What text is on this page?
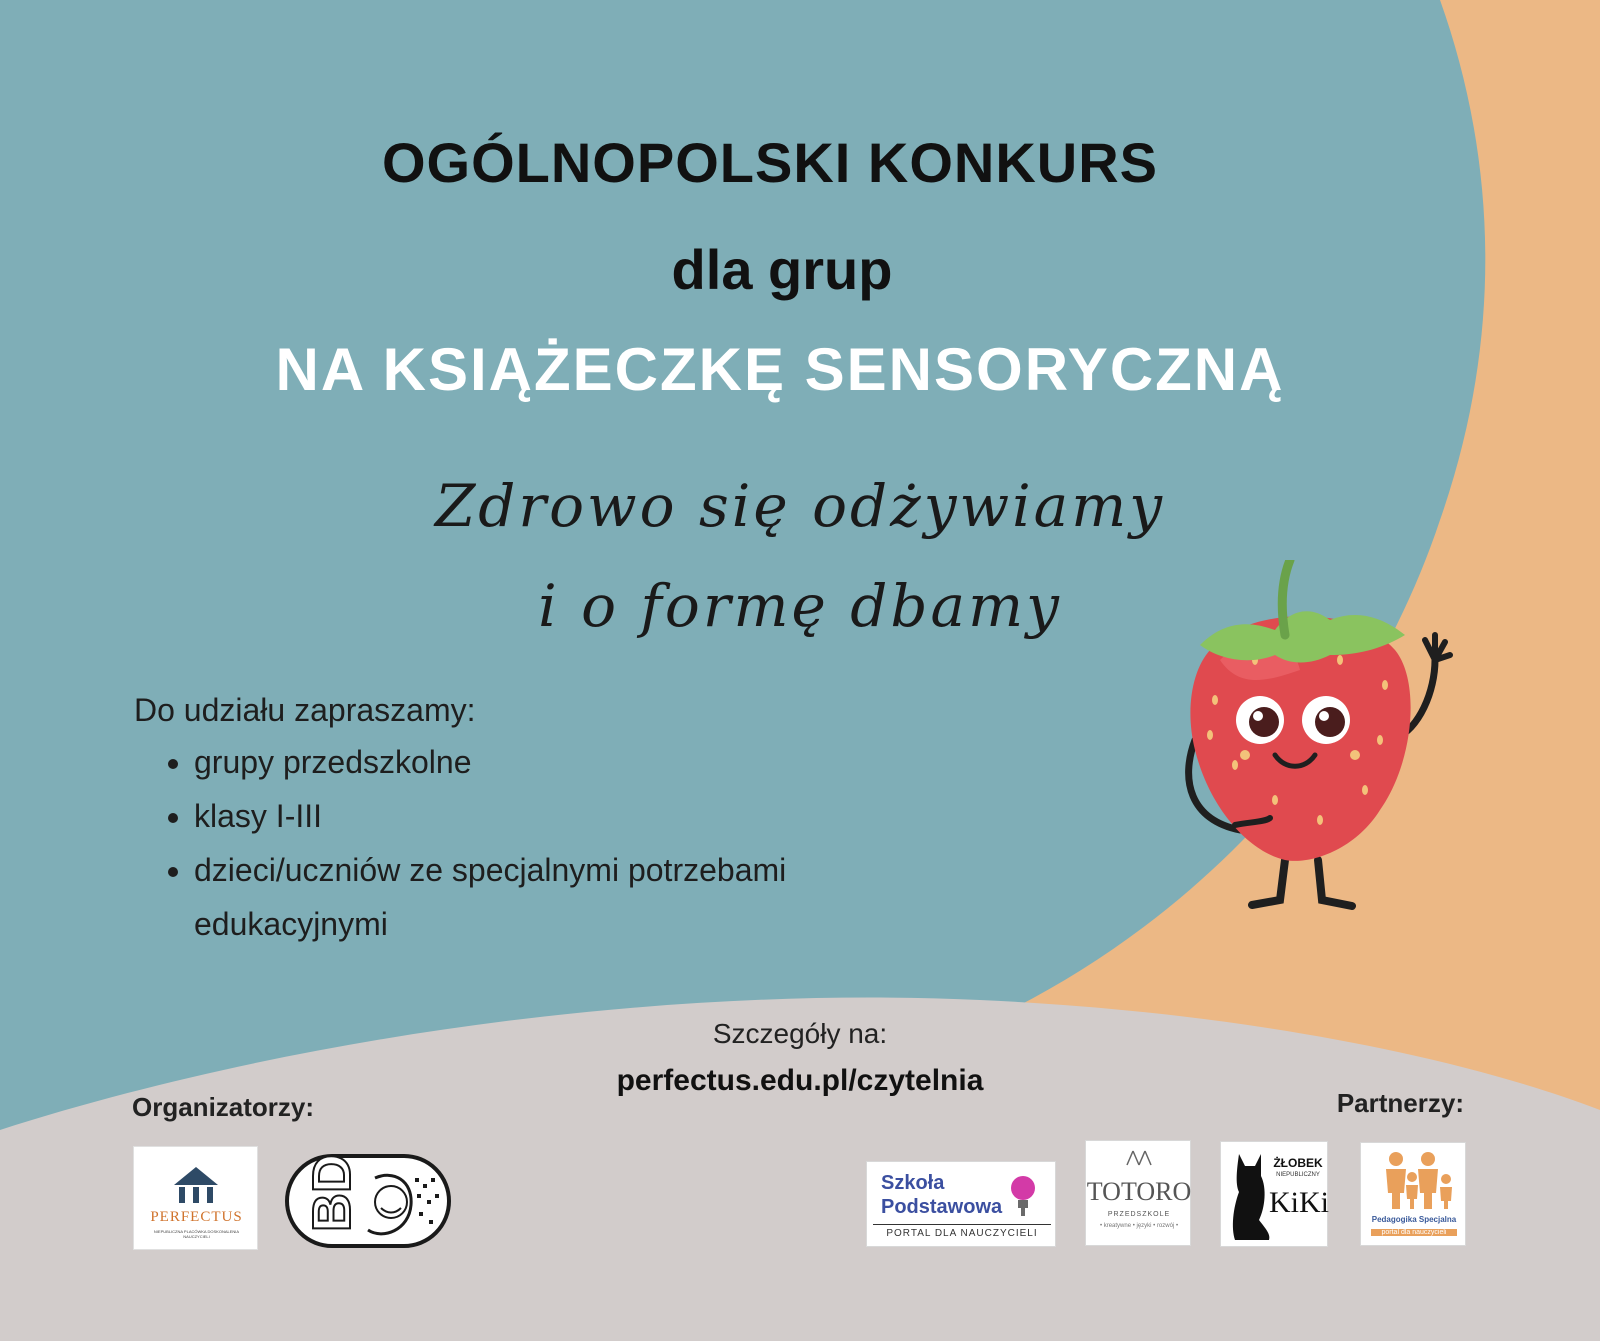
OGÓLNOPOLSKI KONKURS
dla grup
NA KSIĄŻECZKĘ SENSORYCZNĄ
Zdrowo się odżywiamy
i o formę dbamy
Do udziału zapraszamy:
• grupy przedszkolne
• klasy I-III
• dzieci/uczniów ze specjalnymi potrzebami edukacyjnymi
Szczegóły na:
perfectus.edu.pl/czytelnia
Organizatorzy:	Partnerzy:
PERFECTUS
NIEPUBLICZNA PLACÓWKA DOSKONALENIA NAUCZYCIELI
BD	Szkoła
Podstawowa
PORTAL DLA NAUCZYCIELI
TOTORO
PRZEDSZKOLE
• kreatywne • języki • rozwój •
ŻŁOBEK
NIEPUBLICZNY
KiKi
Pedagogika Specjalna
portal dla nauczycieli
